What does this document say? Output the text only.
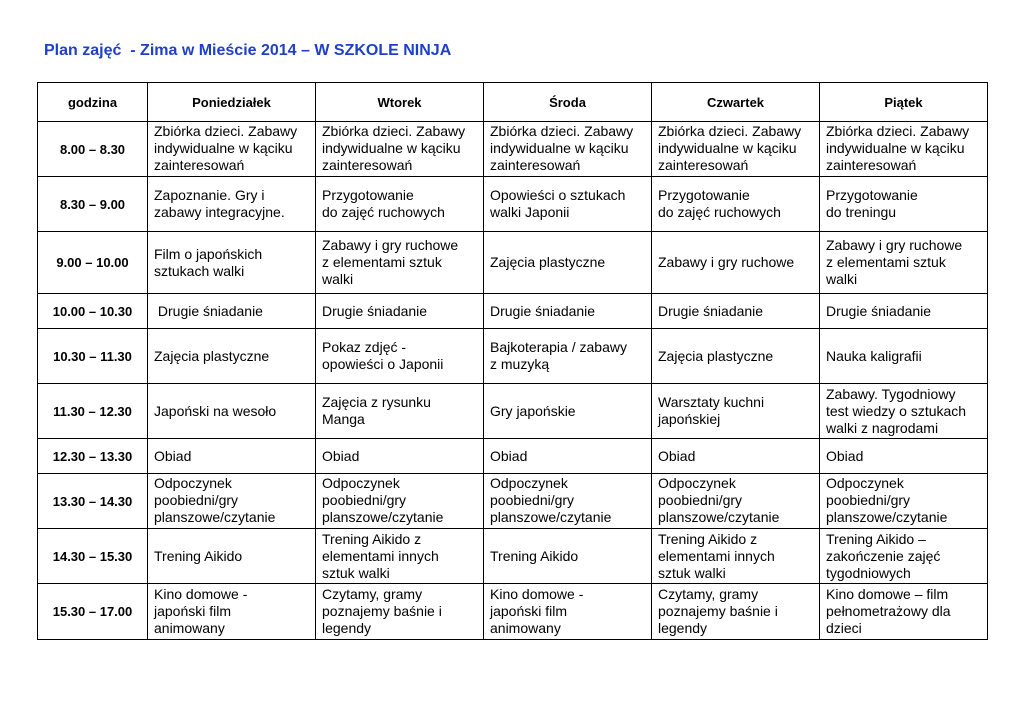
Plan zajęć  - Zima w Mieście 2014 – W SZKOLE NINJA
godzina	Poniedziałek	Wtorek	Środa	Czwartek	Piątek
8.00 – 8.30	Zbiórka dzieci. Zabawy
indywidualne w kąciku
zainteresowań	Zbiórka dzieci. Zabawy
indywidualne w kąciku
zainteresowań	Zbiórka dzieci. Zabawy
indywidualne w kąciku
zainteresowań	Zbiórka dzieci. Zabawy
indywidualne w kąciku
zainteresowań	Zbiórka dzieci. Zabawy
indywidualne w kąciku
zainteresowań
8.30 – 9.00	Zapoznanie. Gry i
zabawy integracyjne.	Przygotowanie
do zajęć ruchowych	Opowieści o sztukach
walki Japonii	Przygotowanie
do zajęć ruchowych	Przygotowanie
do treningu
9.00 – 10.00	Film o japońskich
sztukach walki	Zabawy i gry ruchowe
z elementami sztuk
walki	Zajęcia plastyczne	Zabawy i gry ruchowe	Zabawy i gry ruchowe
z elementami sztuk
walki
10.00 – 10.30	Drugie śniadanie	Drugie śniadanie	Drugie śniadanie	Drugie śniadanie	Drugie śniadanie
10.30 – 11.30	Zajęcia plastyczne	Pokaz zdjęć -
opowieści o Japonii	Bajkoterapia / zabawy
z muzyką	Zajęcia plastyczne	Nauka kaligrafii
11.30 – 12.30	Japoński na wesoło	Zajęcia z rysunku
Manga	Gry japońskie	Warsztaty kuchni
japońskiej	Zabawy. Tygodniowy
test wiedzy o sztukach
walki z nagrodami
12.30 – 13.30	Obiad	Obiad	Obiad	Obiad	Obiad
13.30 – 14.30	Odpoczynek
poobiedni/gry
planszowe/czytanie	Odpoczynek
poobiedni/gry
planszowe/czytanie	Odpoczynek
poobiedni/gry
planszowe/czytanie	Odpoczynek
poobiedni/gry
planszowe/czytanie	Odpoczynek
poobiedni/gry
planszowe/czytanie
14.30 – 15.30	Trening Aikido	Trening Aikido z
elementami innych
sztuk walki	Trening Aikido	Trening Aikido z
elementami innych
sztuk walki	Trening Aikido –
zakończenie zajęć
tygodniowych
15.30 – 17.00	Kino domowe -
japoński film
animowany	Czytamy, gramy
poznajemy baśnie i
legendy	Kino domowe -
japoński film
animowany	Czytamy, gramy
poznajemy baśnie i
legendy	Kino domowe – film
pełnometrażowy dla
dzieci
